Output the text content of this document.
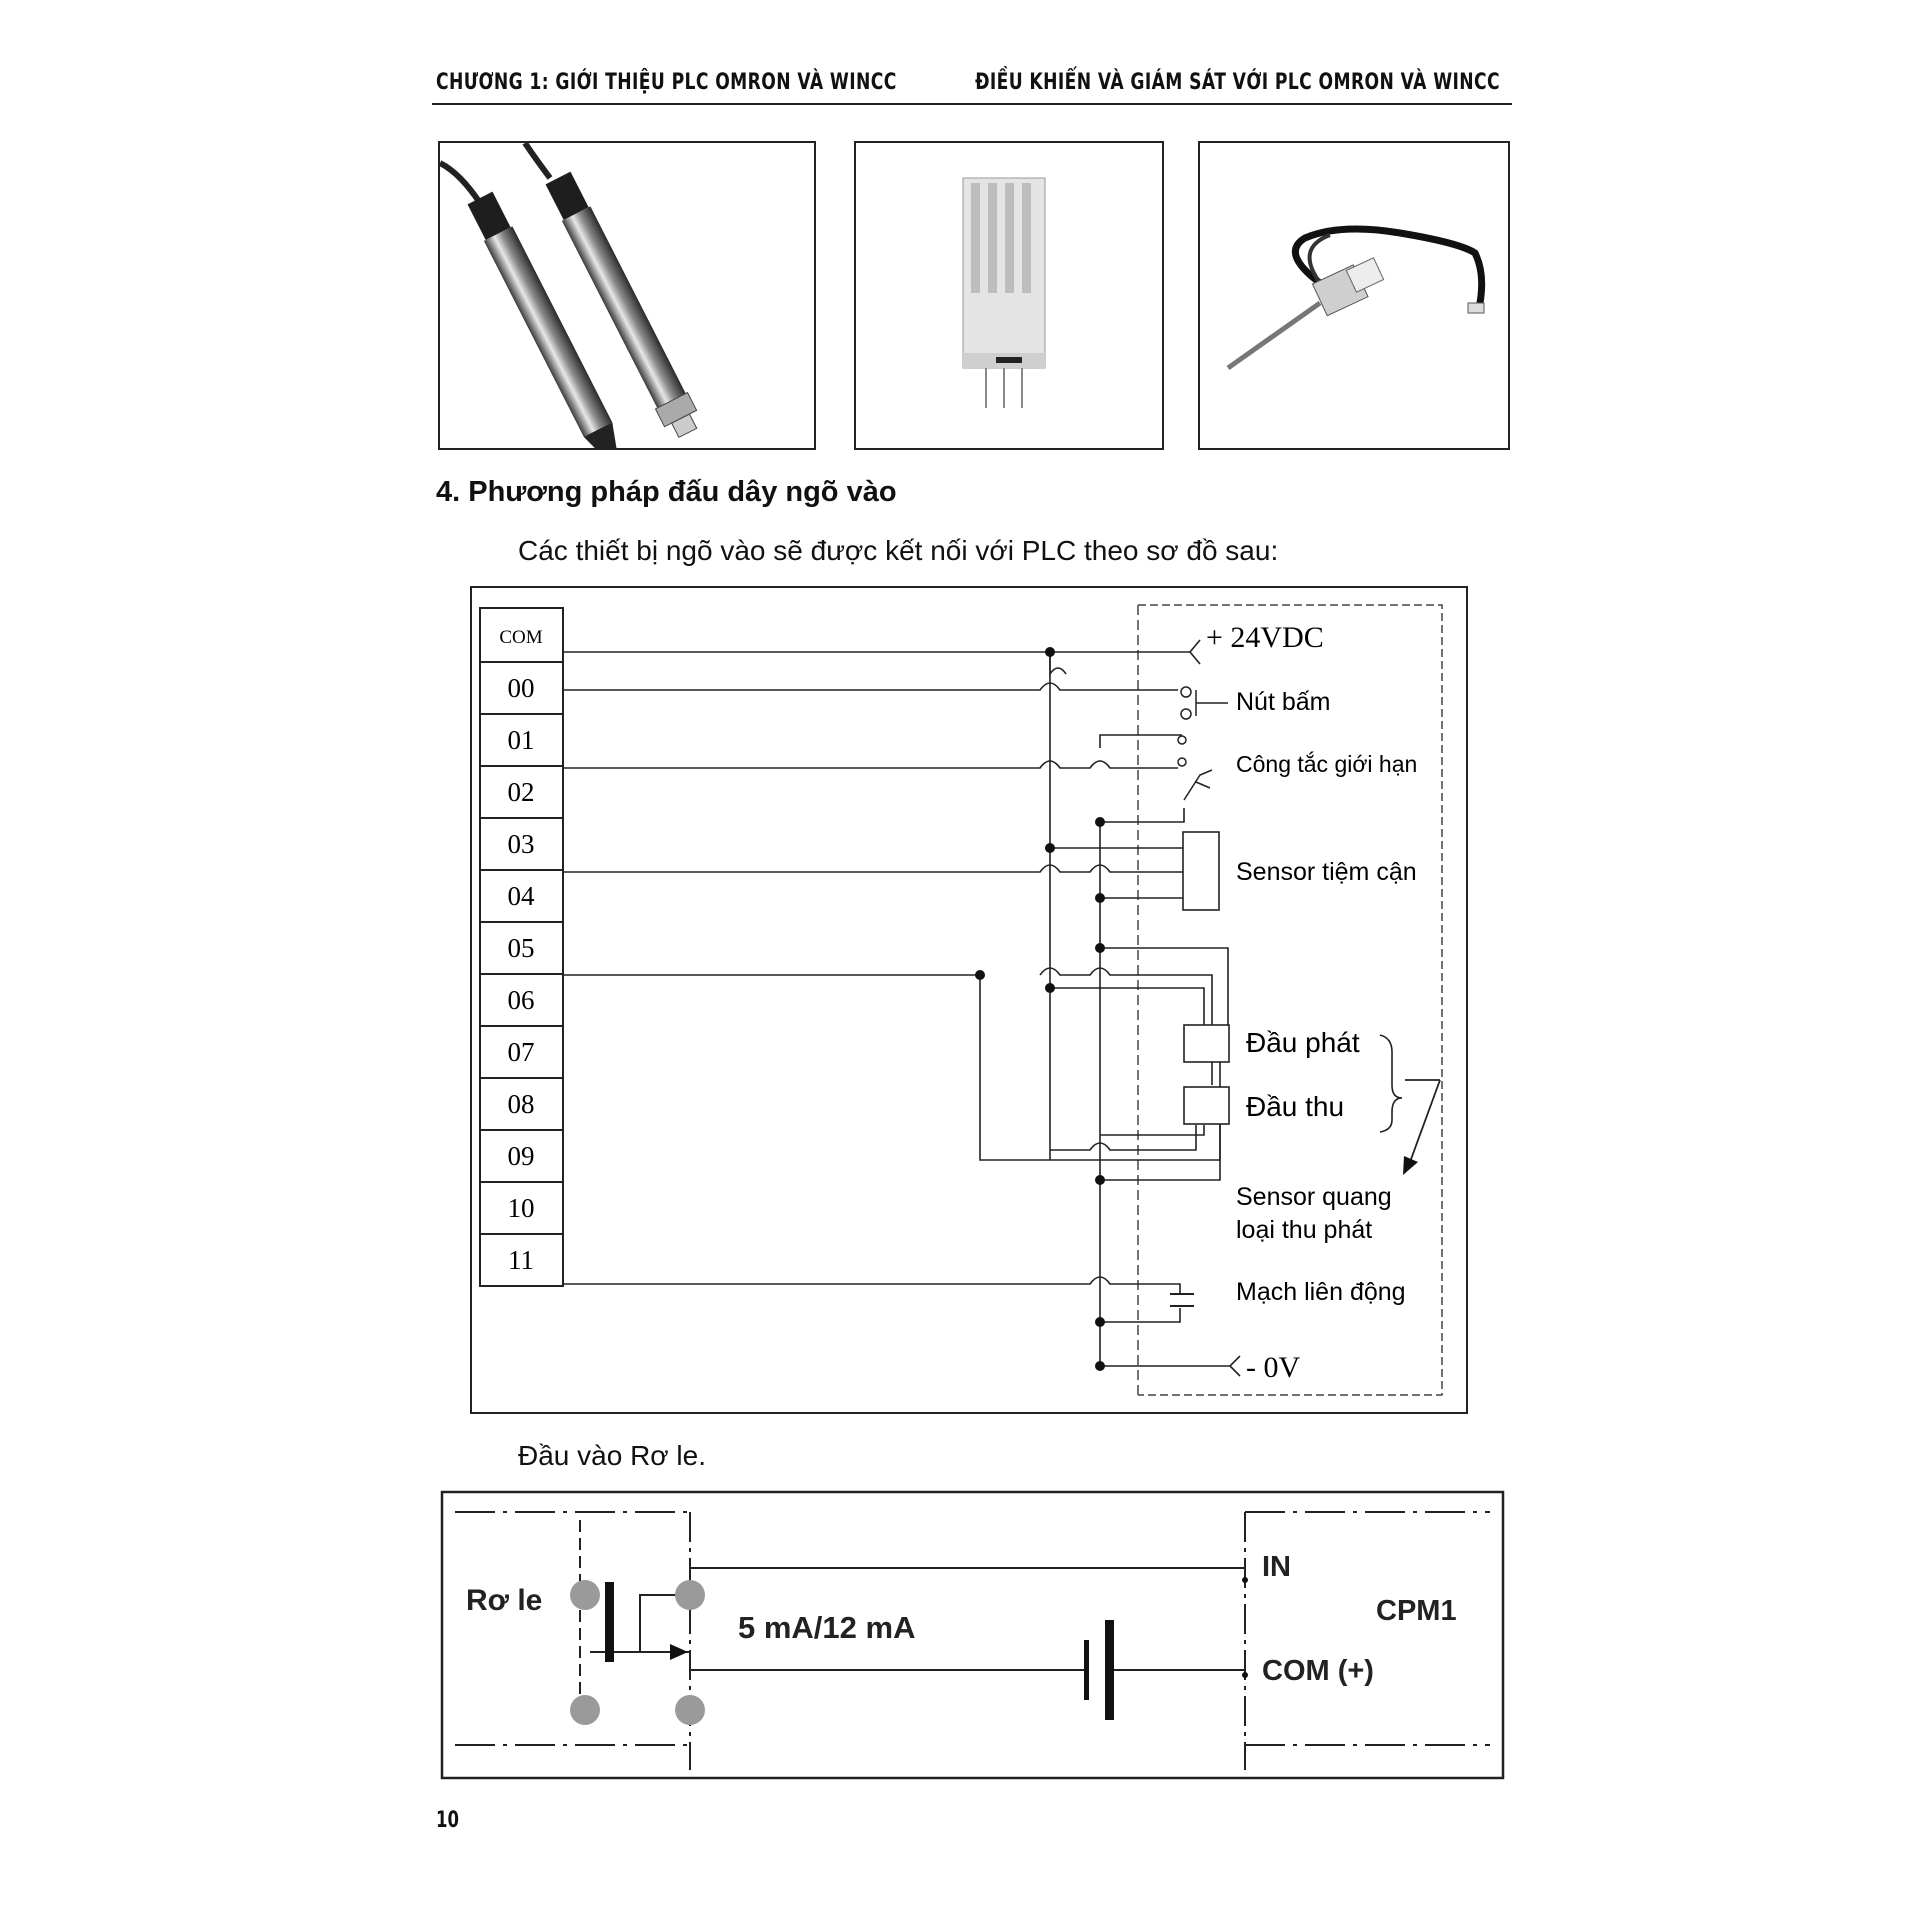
CHƯƠNG 1: GIỚI THIỆU PLC OMRON VÀ WINCC	ĐIỀU KHIỂN VÀ GIÁM SÁT VỚI PLC OMRON VÀ WINCC
4. Phương pháp đấu dây ngõ vào
Các thiết bị ngõ vào sẽ được kết nối với PLC theo sơ đồ sau:
COM
00
01
02
03
04
05
06
07
08
09
10
11
+ 24VDC
Nút bấm
Công tắc giới hạn
Sensor tiệm cận
Đầu phát
Đầu thu
Sensor quang
loại thu phát
Mạch liên động
- 0V
Đầu vào Rơ le.
Rơ le
5 mA/12 mA
IN
CPM1
COM (+)
10
